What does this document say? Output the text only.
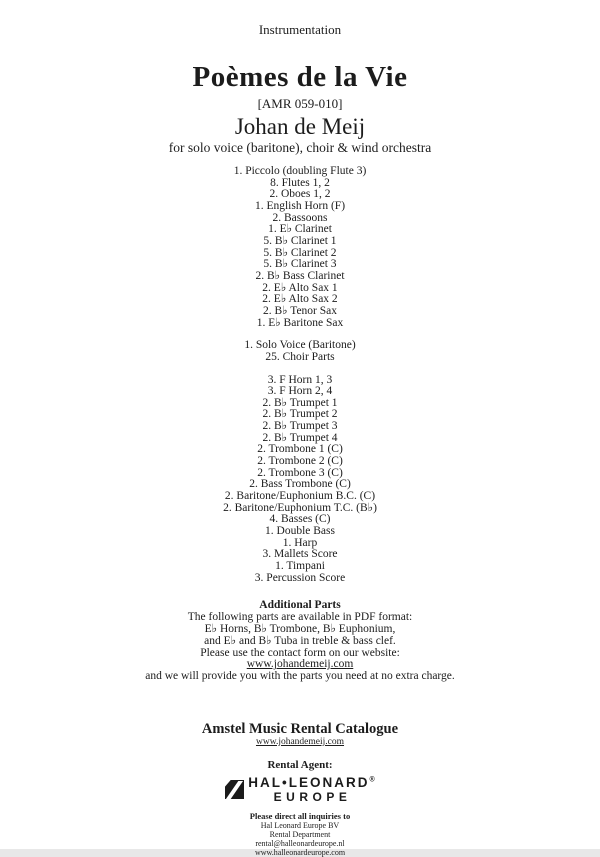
Instrumentation
Poèmes de la Vie
[AMR 059-010]
Johan de Meij
for solo voice (baritone), choir & wind orchestra
1. Piccolo (doubling Flute 3)
8. Flutes 1, 2
2. Oboes 1, 2
1. English Horn (F)
2. Bassoons
1. E♭ Clarinet
5. B♭ Clarinet 1
5. B♭ Clarinet 2
5. B♭ Clarinet 3
2. B♭ Bass Clarinet
2. E♭ Alto Sax 1
2. E♭ Alto Sax 2
2. B♭ Tenor Sax
1. E♭ Baritone Sax
1. Solo Voice (Baritone)
25. Choir Parts
3. F Horn 1, 3
3. F Horn 2, 4
2. B♭ Trumpet 1
2. B♭ Trumpet 2
2. B♭ Trumpet 3
2. B♭ Trumpet 4
2. Trombone 1 (C)
2. Trombone 2 (C)
2. Trombone 3 (C)
2. Bass Trombone (C)
2. Baritone/Euphonium B.C. (C)
2. Baritone/Euphonium T.C. (B♭)
4. Basses (C)
1. Double Bass
1. Harp
3. Mallets Score
1. Timpani
3. Percussion Score
Additional Parts
The following parts are available in PDF format:
E♭ Horns, B♭ Trombone, B♭ Euphonium,
and E♭ and B♭ Tuba in treble & bass clef.
Please use the contact form on our website:
www.johandemeij.com
and we will provide you with the parts you need at no extra charge.
Amstel Music Rental Catalogue
www.johandemeij.com
Rental Agent:
HAL•LEONARD®
EUROPE
Please direct all inquiries to
Hal Leonard Europe BV
Rental Department
rental@halleonardeurope.nl
www.halleonardeurope.com
